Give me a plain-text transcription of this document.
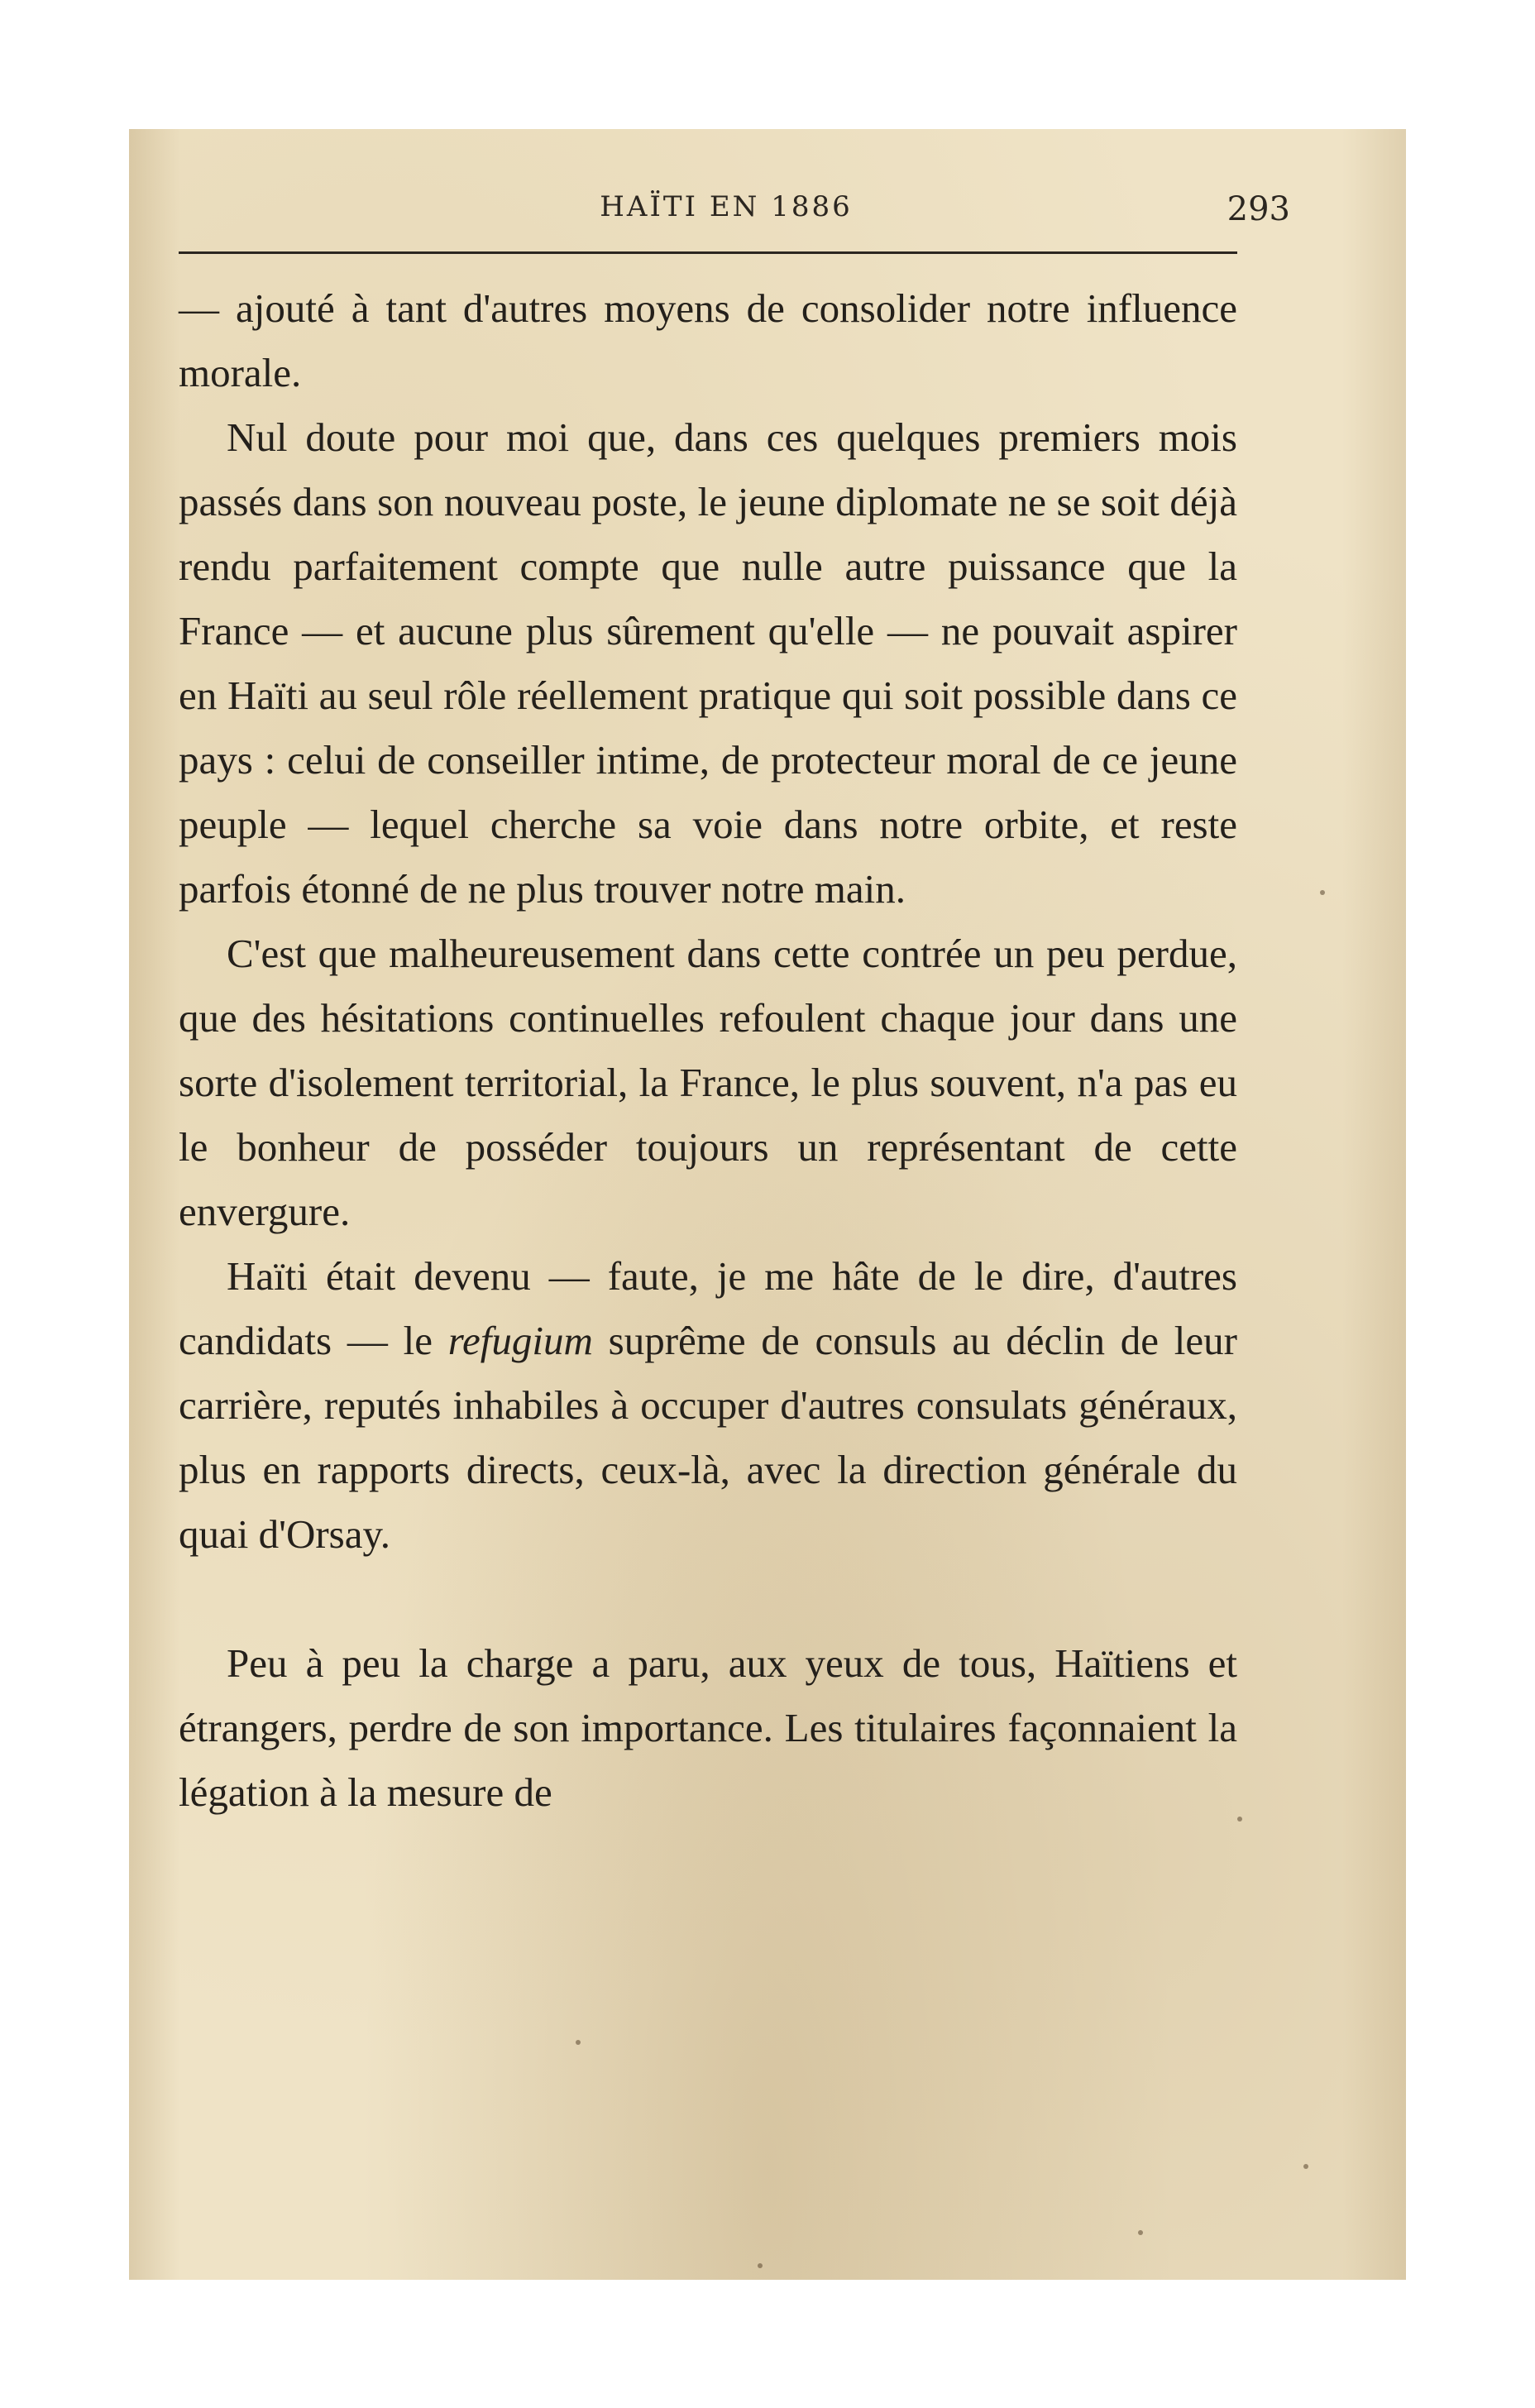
HAÏTI EN 1886	293

— ajouté à tant d'autres moyens de consolider notre influence morale.

Nul doute pour moi que, dans ces quelques premiers mois passés dans son nouveau poste, le jeune diplomate ne se soit déjà rendu parfaitement compte que nulle autre puissance que la France — et aucune plus sûrement qu'elle — ne pouvait aspirer en Haïti au seul rôle réellement pratique qui soit possible dans ce pays : celui de conseiller intime, de protecteur moral de ce jeune peuple — lequel cherche sa voie dans notre orbite, et reste parfois étonné de ne plus trouver notre main.

C'est que malheureusement dans cette contrée un peu perdue, que des hésitations continuelles refoulent chaque jour dans une sorte d'isolement territorial, la France, le plus souvent, n'a pas eu le bonheur de posséder toujours un représentant de cette envergure.

Haïti était devenu — faute, je me hâte de le dire, d'autres candidats — le refugium suprême de consuls au déclin de leur carrière, reputés inhabiles à occuper d'autres consulats généraux, plus en rapports directs, ceux-là, avec la direction générale du quai d'Orsay.

Peu à peu la charge a paru, aux yeux de tous, Haïtiens et étrangers, perdre de son importance. Les titulaires façonnaient la légation à la mesure de
